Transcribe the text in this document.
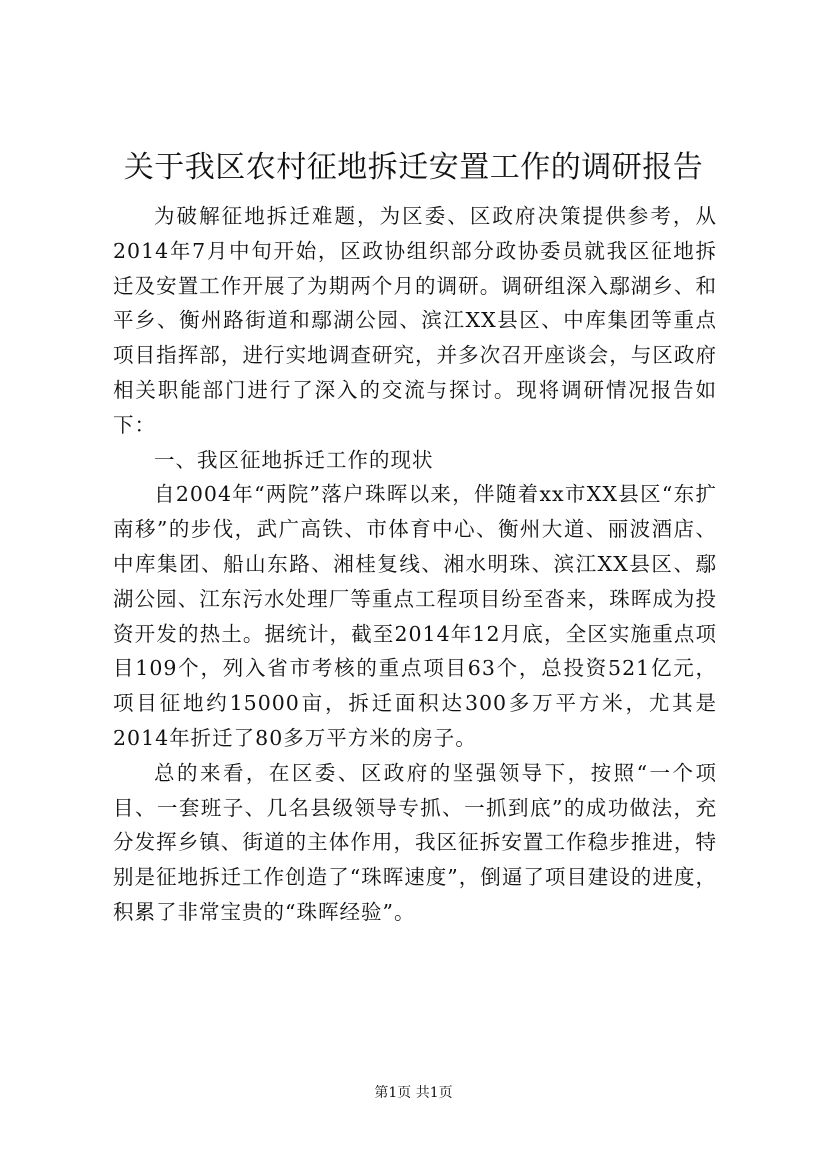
关于我区农村征地拆迁安置工作的调研报告

为破解征地拆迁难题，为区委、区政府决策提供参考，从2014年7月中旬开始，区政协组织部分政协委员就我区征地拆迁及安置工作开展了为期两个月的调研。调研组深入鄢湖乡、和平乡、衡州路街道和鄢湖公园、滨江XX县区、中库集团等重点项目指挥部，进行实地调查研究，并多次召开座谈会，与区政府相关职能部门进行了深入的交流与探讨。现将调研情况报告如下：

一、我区征地拆迁工作的现状

自2004年“两院”落户珠晖以来，伴随着xx市XX县区“东扩南移”的步伐，武广高铁、市体育中心、衡州大道、丽波酒店、中库集团、船山东路、湘桂复线、湘水明珠、滨江XX县区、鄢湖公园、江东污水处理厂等重点工程项目纷至沓来，珠晖成为投资开发的热土。据统计，截至2014年12月底，全区实施重点项目109个，列入省市考核的重点项目63个，总投资521亿元，项目征地约15000亩，拆迁面积达300多万平方米，尤其是2014年折迁了80多万平方米的房子。

总的来看，在区委、区政府的坚强领导下，按照“一个项目、一套班子、几名县级领导专抓、一抓到底”的成功做法，充分发挥乡镇、街道的主体作用，我区征拆安置工作稳步推进，特别是征地拆迁工作创造了“珠晖速度”，倒逼了项目建设的进度，积累了非常宝贵的“珠晖经验”。

第1页 共1页
